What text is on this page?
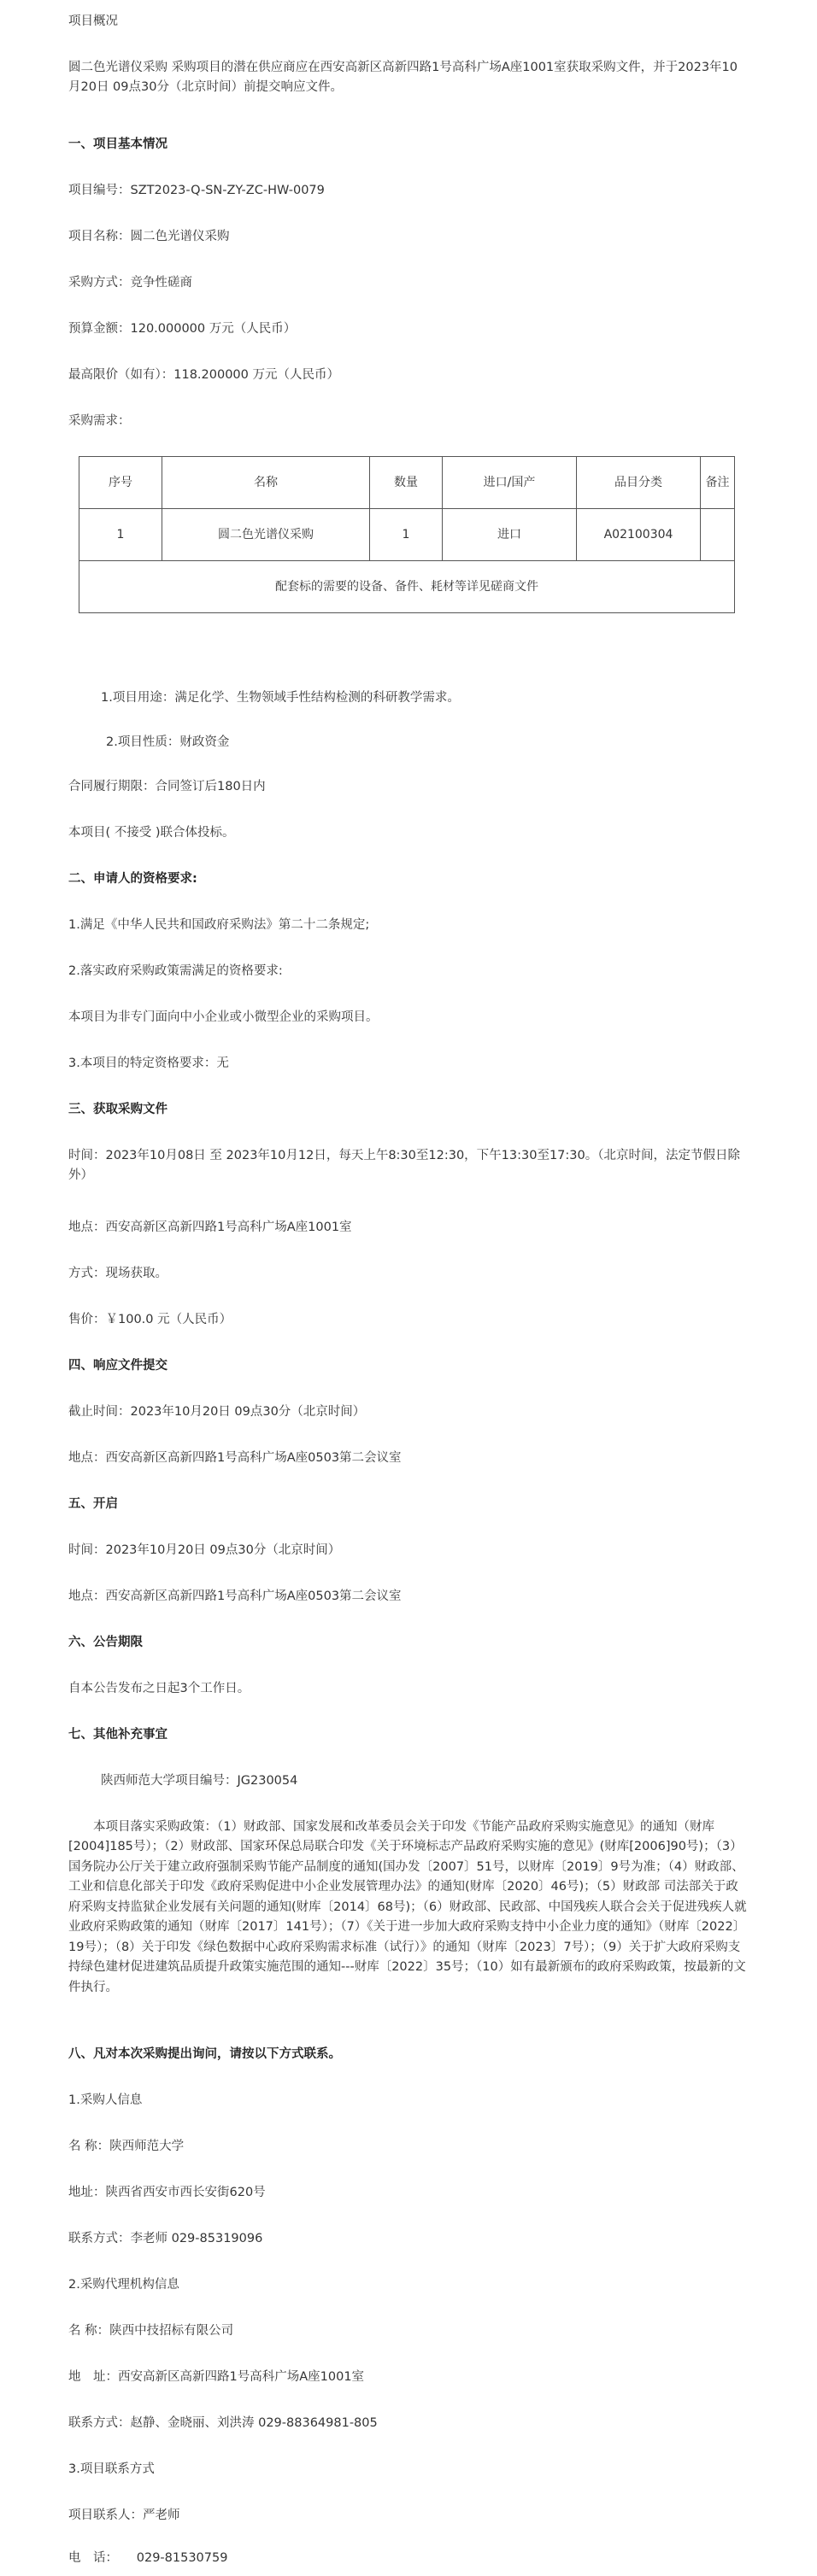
项目概况

圆二色光谱仪采购 采购项目的潜在供应商应在西安高新区高新四路1号高科广场A座1001室获取采购文件，并于2023年10月20日 09点30分（北京时间）前提交响应文件。

一、项目基本情况

项目编号：SZT2023-Q-SN-ZY-ZC-HW-0079

项目名称：圆二色光谱仪采购

采购方式：竞争性磋商

预算金额：120.000000 万元（人民币）

最高限价（如有）：118.200000 万元（人民币）

采购需求：

序号	名称	数量	进口/国产	品目分类	备注
1	圆二色光谱仪采购	1	进口	A02100304	
配套标的需要的设备、备件、耗材等详见磋商文件					

1.项目用途：满足化学、生物领域手性结构检测的科研教学需求。

2.项目性质：财政资金

合同履行期限：合同签订后180日内

本项目( 不接受 )联合体投标。

二、申请人的资格要求:

1.满足《中华人民共和国政府采购法》第二十二条规定;

2.落实政府采购政策需满足的资格要求:

本项目为非专门面向中小企业或小微型企业的采购项目。

3.本项目的特定资格要求：无

三、获取采购文件

时间：2023年10月08日 至 2023年10月12日，每天上午8:30至12:30，下午13:30至17:30。（北京时间，法定节假日除外）

地点：西安高新区高新四路1号高科广场A座1001室

方式：现场获取。

售价：￥100.0 元（人民币）

四、响应文件提交

截止时间：2023年10月20日 09点30分（北京时间）

地点：西安高新区高新四路1号高科广场A座0503第二会议室

五、开启

时间：2023年10月20日 09点30分（北京时间）

地点：西安高新区高新四路1号高科广场A座0503第二会议室

六、公告期限

自本公告发布之日起3个工作日。

七、其他补充事宜

陕西师范大学项目编号：JG230054

本项目落实采购政策：（1）财政部、国家发展和改革委员会关于印发《节能产品政府采购实施意见》的通知（财库[2004]185号）；（2）财政部、国家环保总局联合印发《关于环境标志产品政府采购实施的意见》(财库[2006]90号)；（3）国务院办公厅关于建立政府强制采购节能产品制度的通知(国办发〔2007〕51号，以财库〔2019〕9号为准；（4）财政部、工业和信息化部关于印发《政府采购促进中小企业发展管理办法》的通知(财库〔2020〕46号)；（5）财政部 司法部关于政府采购支持监狱企业发展有关问题的通知(财库〔2014〕68号)；（6）财政部、民政部、中国残疾人联合会关于促进残疾人就业政府采购政策的通知（财库〔2017〕141号）；（7）《关于进一步加大政府采购支持中小企业力度的通知》（财库〔2022〕19号）；（8）关于印发《绿色数据中心政府采购需求标准（试行）》的通知（财库〔2023〕7号）；（9）关于扩大政府采购支持绿色建材促进建筑品质提升政策实施范围的通知---财库〔2022〕35号；（10）如有最新颁布的政府采购政策，按最新的文件执行。

八、凡对本次采购提出询问，请按以下方式联系。

1.采购人信息

名 称：陕西师范大学

地址：陕西省西安市西长安街620号

联系方式：李老师 029-85319096

2.采购代理机构信息

名 称：陕西中技招标有限公司

地　址：西安高新区高新四路1号高科广场A座1001室

联系方式：赵静、金晓丽、刘洪涛 029-88364981-805

3.项目联系方式

项目联系人：严老师

电　话：　　029-81530759
